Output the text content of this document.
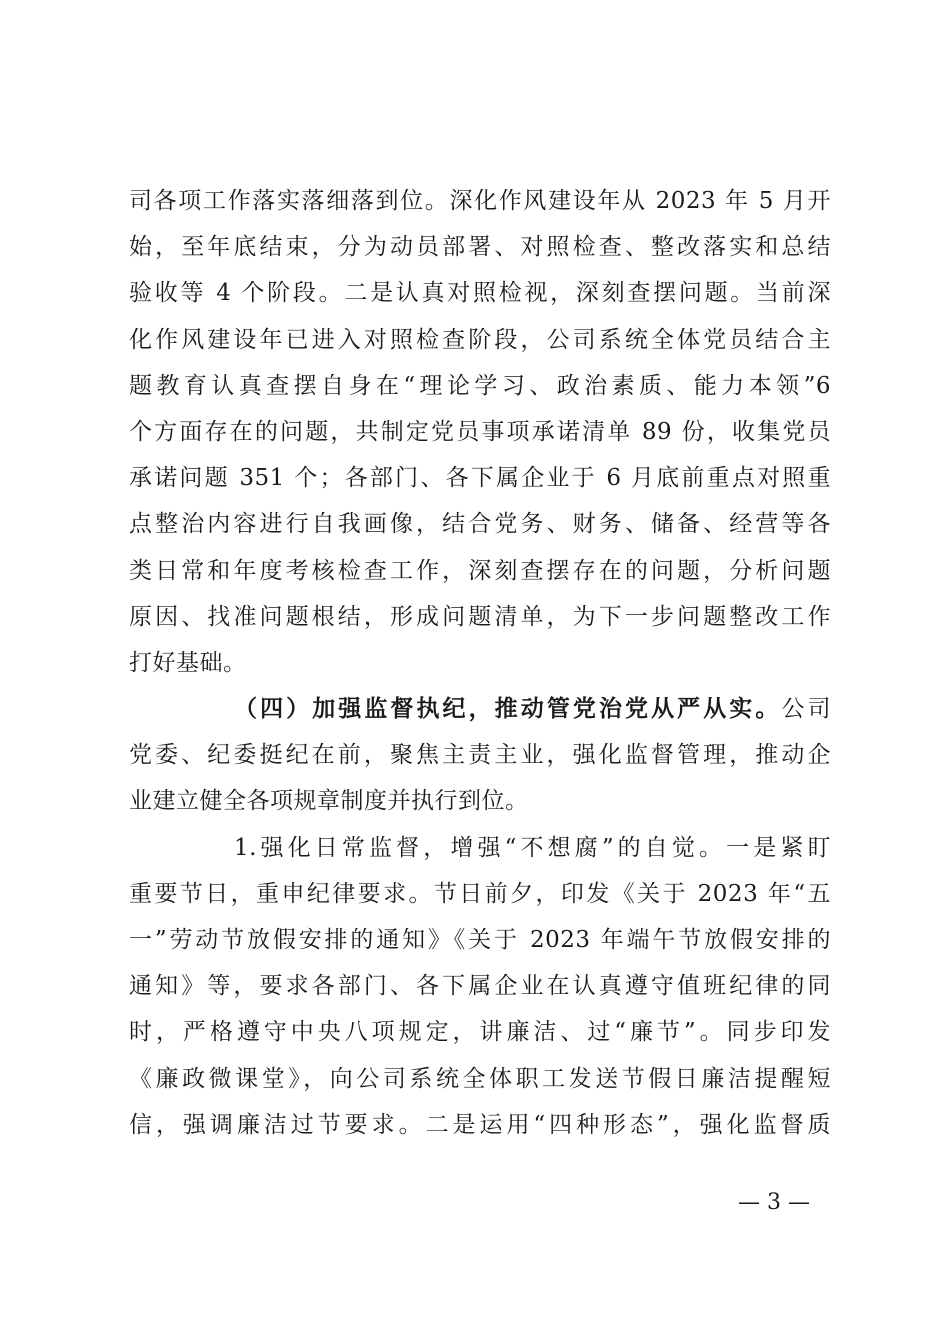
司各项工作落实落细落到位。深化作风建设年从 2023 年 5 月开
始，至年底结束，分为动员部署、对照检查、整改落实和总结
验收等 4 个阶段。二是认真对照检视，深刻查摆问题。当前深
化作风建设年已进入对照检查阶段，公司系统全体党员结合主
题教育认真查摆自身在“理论学习、政治素质、能力本领”6
个方面存在的问题，共制定党员事项承诺清单 89 份，收集党员
承诺问题 351 个；各部门、各下属企业于 6 月底前重点对照重
点整治内容进行自我画像，结合党务、财务、储备、经营等各
类日常和年度考核检查工作，深刻查摆存在的问题，分析问题
原因、找准问题根结，形成问题清单，为下一步问题整改工作
打好基础。
（四）加强监督执纪，推动管党治党从严从实。公司
党委、纪委挺纪在前，聚焦主责主业，强化监督管理，推动企
业建立健全各项规章制度并执行到位。
1.强化日常监督，增强“不想腐”的自觉。一是紧盯
重要节日，重申纪律要求。节日前夕，印发《关于 2023 年“五
一”劳动节放假安排的通知》《关于 2023 年端午节放假安排的
通知》等，要求各部门、各下属企业在认真遵守值班纪律的同
时，严格遵守中央八项规定，讲廉洁、过“廉节”。同步印发
《廉政微课堂》，向公司系统全体职工发送节假日廉洁提醒短
信，强调廉洁过节要求。二是运用“四种形态”，强化监督质
— 3 —
